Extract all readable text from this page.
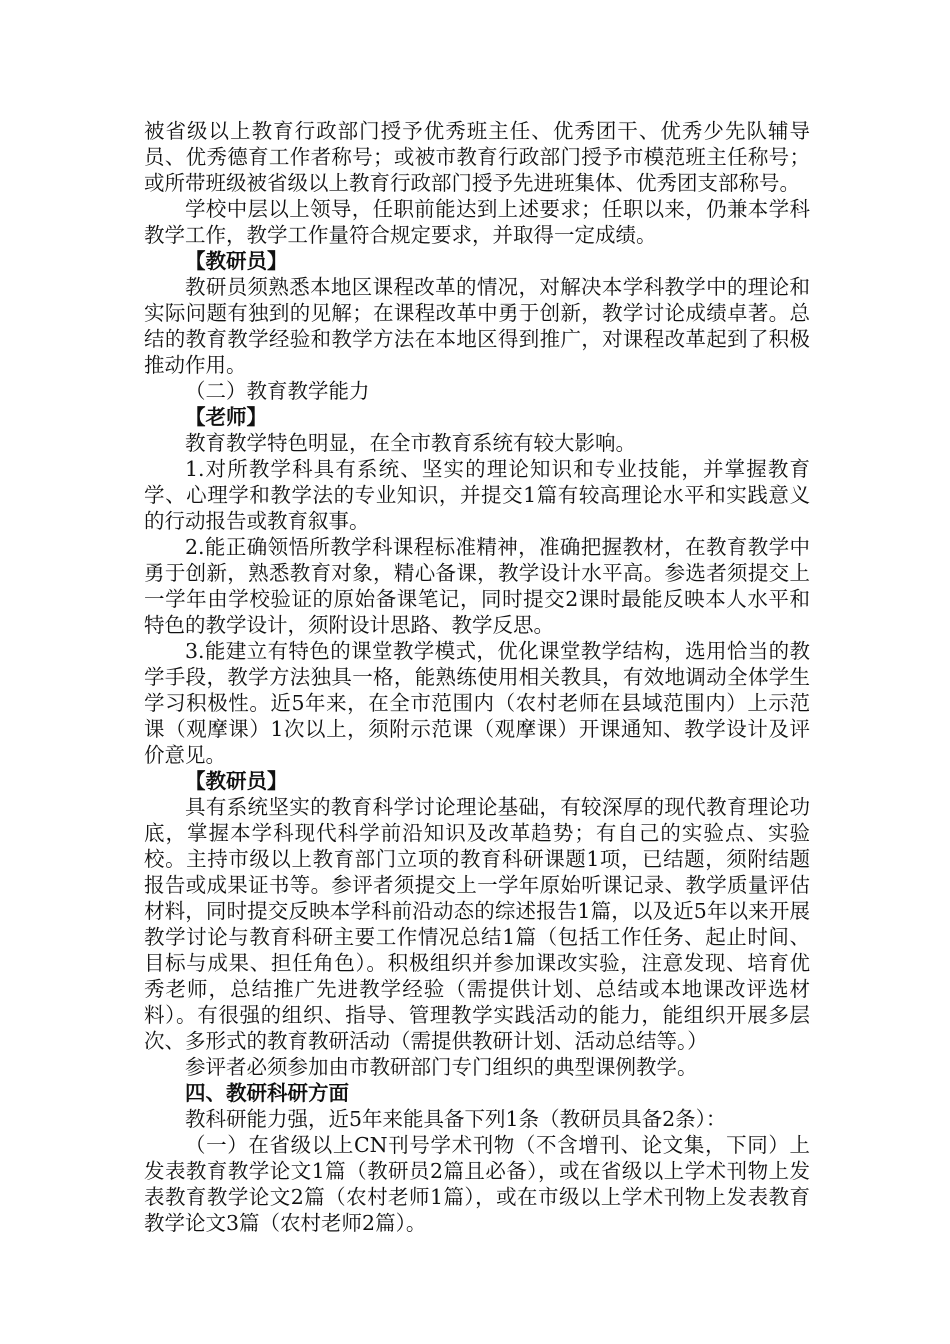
被省级以上教育行政部门授予优秀班主任、优秀团干、优秀少先队辅导员、优秀德育工作者称号；或被市教育行政部门授予市模范班主任称号；或所带班级被省级以上教育行政部门授予先进班集体、优秀团支部称号。

学校中层以上领导，任职前能达到上述要求；任职以来，仍兼本学科教学工作，教学工作量符合规定要求，并取得一定成绩。

【教研员】

教研员须熟悉本地区课程改革的情况，对解决本学科教学中的理论和实际问题有独到的见解；在课程改革中勇于创新，教学讨论成绩卓著。总结的教育教学经验和教学方法在本地区得到推广，对课程改革起到了积极推动作用。

（二）教育教学能力

【老师】

教育教学特色明显，在全市教育系统有较大影响。

1.对所教学科具有系统、坚实的理论知识和专业技能，并掌握教育学、心理学和教学法的专业知识，并提交1篇有较高理论水平和实践意义的行动报告或教育叙事。

2.能正确领悟所教学科课程标准精神，准确把握教材，在教育教学中勇于创新，熟悉教育对象，精心备课，教学设计水平高。参选者须提交上一学年由学校验证的原始备课笔记，同时提交2课时最能反映本人水平和特色的教学设计，须附设计思路、教学反思。

3.能建立有特色的课堂教学模式，优化课堂教学结构，选用恰当的教学手段，教学方法独具一格，能熟练使用相关教具，有效地调动全体学生学习积极性。近5年来，在全市范围内（农村老师在县域范围内）上示范课（观摩课）1次以上，须附示范课（观摩课）开课通知、教学设计及评价意见。

【教研员】

具有系统坚实的教育科学讨论理论基础，有较深厚的现代教育理论功底，掌握本学科现代科学前沿知识及改革趋势；有自己的实验点、实验校。主持市级以上教育部门立项的教育科研课题1项，已结题，须附结题报告或成果证书等。参评者须提交上一学年原始听课记录、教学质量评估材料，同时提交反映本学科前沿动态的综述报告1篇，以及近5年以来开展教学讨论与教育科研主要工作情况总结1篇（包括工作任务、起止时间、目标与成果、担任角色）。积极组织并参加课改实验，注意发现、培育优秀老师，总结推广先进教学经验（需提供计划、总结或本地课改评选材料）。有很强的组织、指导、管理教学实践活动的能力，能组织开展多层次、多形式的教育教研活动（需提供教研计划、活动总结等。）

参评者必须参加由市教研部门专门组织的典型课例教学。

四、教研科研方面

教科研能力强，近5年来能具备下列1条（教研员具备2条）：

（一）在省级以上CN刊号学术刊物（不含增刊、论文集，下同）上发表教育教学论文1篇（教研员2篇且必备），或在省级以上学术刊物上发表教育教学论文2篇（农村老师1篇），或在市级以上学术刊物上发表教育教学论文3篇（农村老师2篇）。
